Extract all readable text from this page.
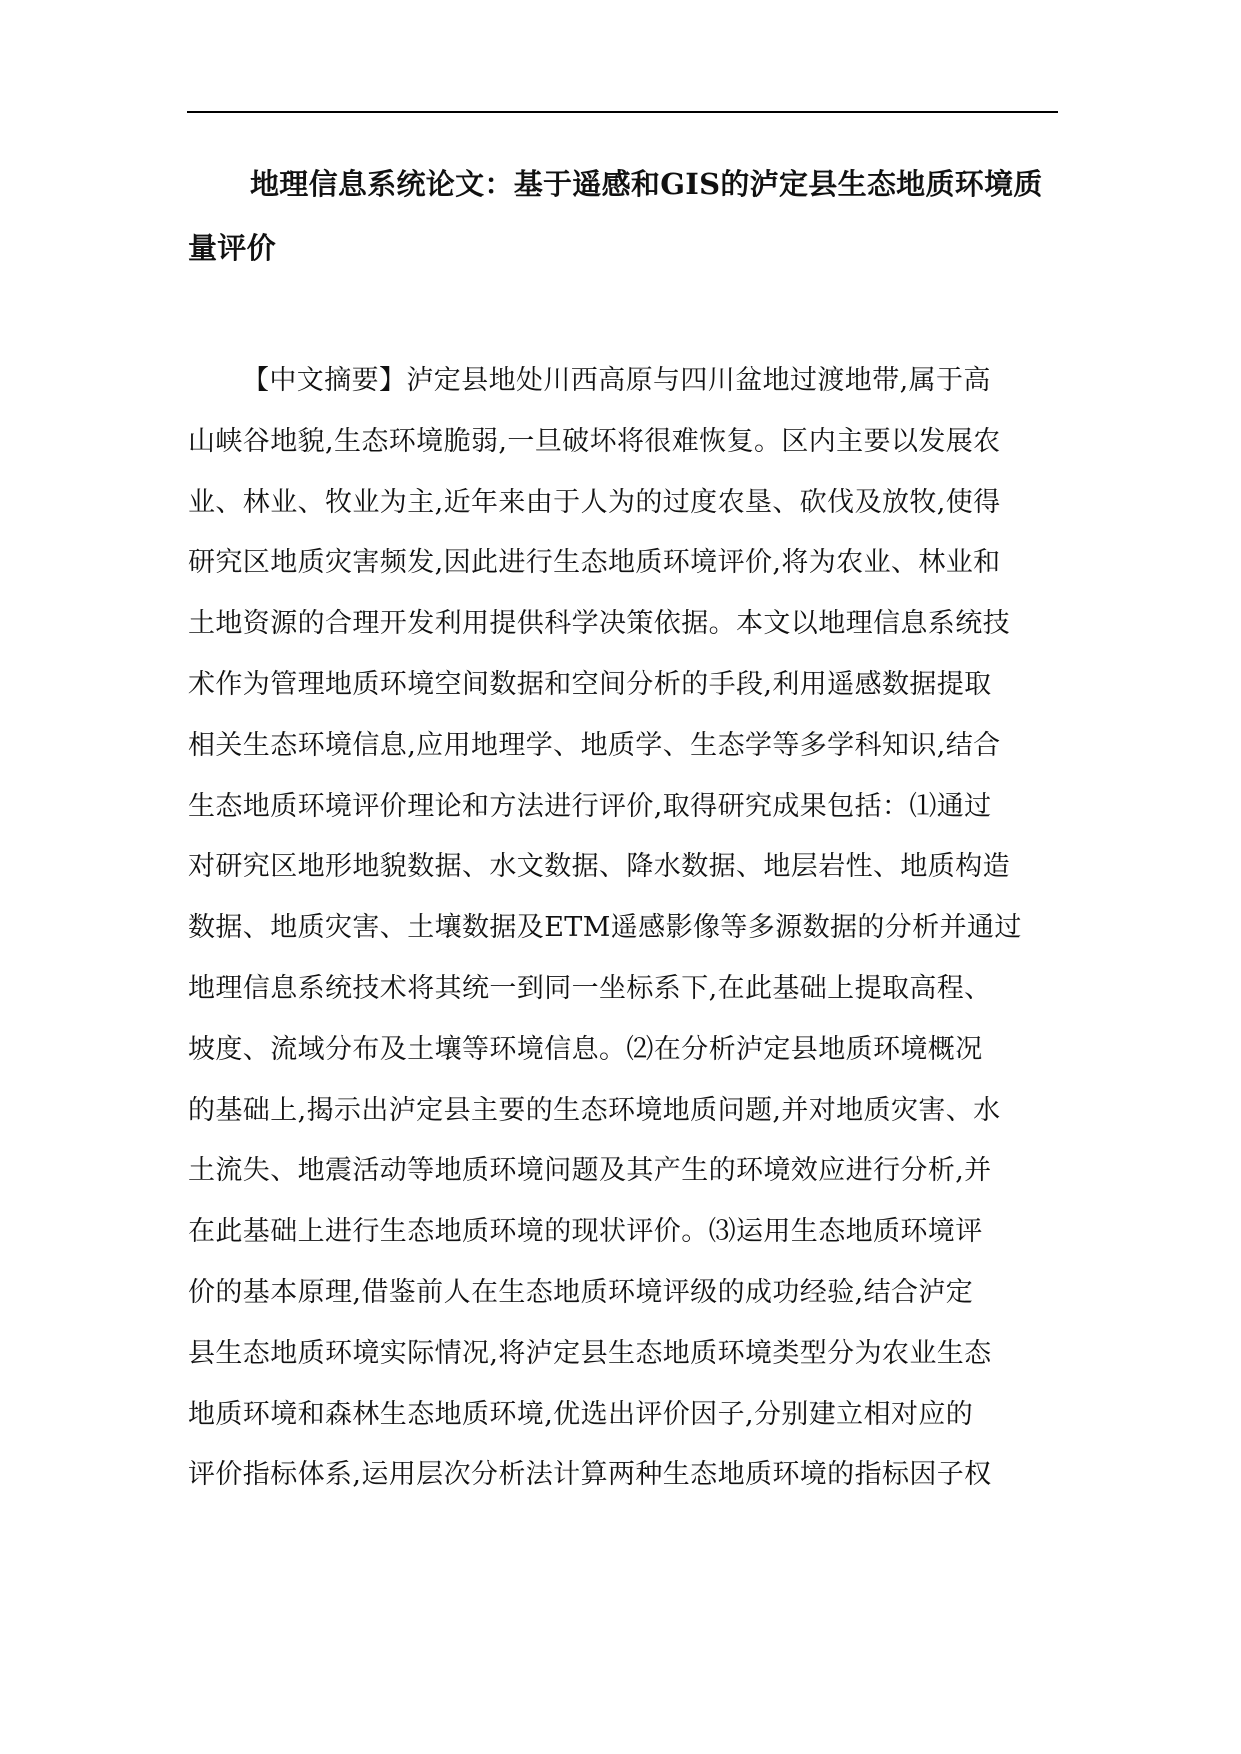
地理信息系统论文：基于遥感和GIS的泸定县生态地质环境质量评价
【中文摘要】泸定县地处川西高原与四川盆地过渡地带,属于高
山峡谷地貌,生态环境脆弱,一旦破坏将很难恢复。区内主要以发展农
业、林业、牧业为主,近年来由于人为的过度农垦、砍伐及放牧,使得
研究区地质灾害频发,因此进行生态地质环境评价,将为农业、林业和
土地资源的合理开发利用提供科学决策依据。本文以地理信息系统技
术作为管理地质环境空间数据和空间分析的手段,利用遥感数据提取
相关生态环境信息,应用地理学、地质学、生态学等多学科知识,结合
生态地质环境评价理论和方法进行评价,取得研究成果包括：⑴通过
对研究区地形地貌数据、水文数据、降水数据、地层岩性、地质构造
数据、地质灾害、土壤数据及ETM遥感影像等多源数据的分析并通过
地理信息系统技术将其统一到同一坐标系下,在此基础上提取高程、
坡度、流域分布及土壤等环境信息。⑵在分析泸定县地质环境概况
的基础上,揭示出泸定县主要的生态环境地质问题,并对地质灾害、水
土流失、地震活动等地质环境问题及其产生的环境效应进行分析,并
在此基础上进行生态地质环境的现状评价。⑶运用生态地质环境评
价的基本原理,借鉴前人在生态地质环境评级的成功经验,结合泸定
县生态地质环境实际情况,将泸定县生态地质环境类型分为农业生态
地质环境和森林生态地质环境,优选出评价因子,分别建立相对应的
评价指标体系,运用层次分析法计算两种生态地质环境的指标因子权
